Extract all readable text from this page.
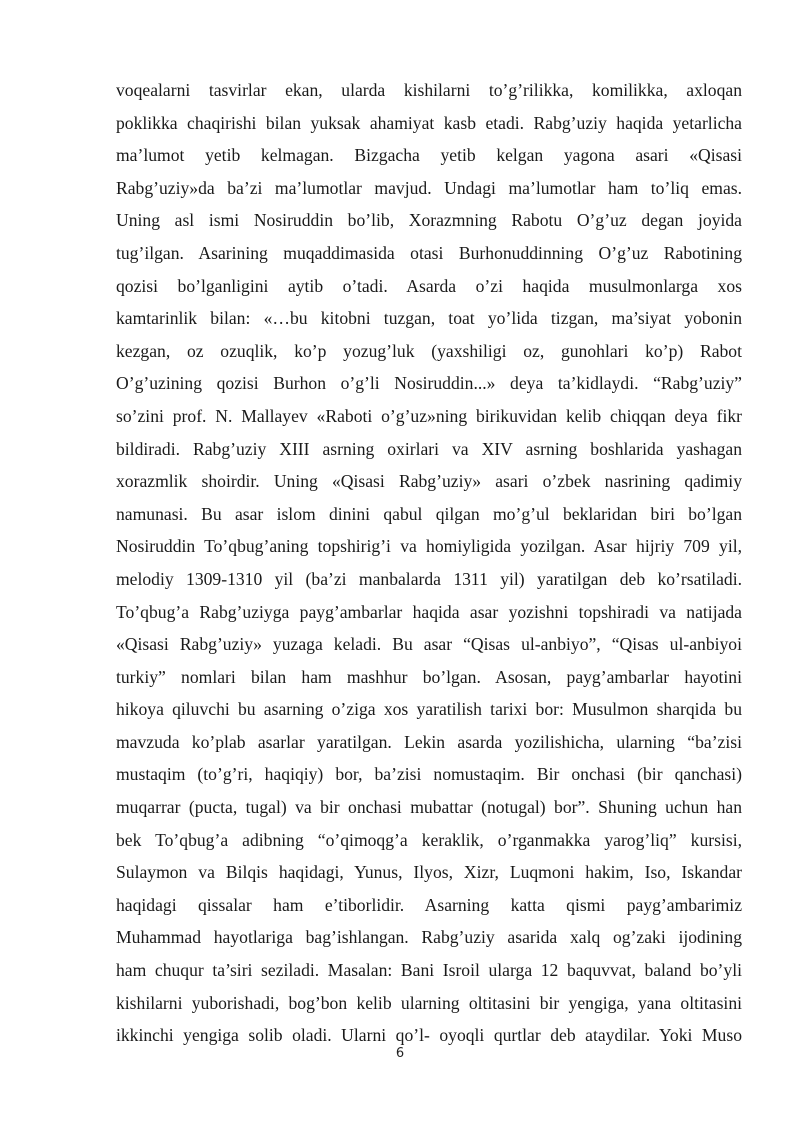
voqealarni tasvirlar ekan, ularda kishilarni to’g’rilikka, komilikka, axloqan
poklikka chaqirishi bilan yuksak ahamiyat kasb etadi. Rabg’uziy haqida yetarlicha
ma’lumot yetib kelmagan. Bizgacha yetib kelgan yagona asari «Qisasi
Rabg’uziy»da ba’zi ma’lumotlar mavjud. Undagi ma’lumotlar ham to’liq emas.
Uning asl ismi Nosiruddin bo’lib, Xorazmning Rabotu O’g’uz degan joyida
tug’ilgan. Asarining muqaddimasida otasi Burhonuddinning O’g’uz Rabotining
qozisi bo’lganligini aytib o’tadi. Asarda o’zi haqida musulmonlarga xos
kamtarinlik bilan: «…bu kitobni tuzgan, toat yo’lida tizgan, ma’siyat yobonin
kezgan, oz ozuqlik, ko’p yozug’luk (yaxshiligi oz, gunohlari ko’p) Rabot
O’g’uzining qozisi Burhon o’g’li Nosiruddin...» deya ta’kidlaydi. “Rabg’uziy”
so’zini prof. N. Mallayev «Raboti o’g’uz»ning birikuvidan kelib chiqqan deya fikr
bildiradi. Rabg’uziy XIII asrning oxirlari va XIV asrning boshlarida yashagan
xorazmlik shoirdir. Uning «Qisasi Rabg’uziy» asari o’zbek nasrining qadimiy
namunasi. Bu asar islom dinini qabul qilgan mo’g’ul beklaridan biri bo’lgan
Nosiruddin To’qbug’aning topshirig’i va homiyligida yozilgan. Asar hijriy 709 yil,
melodiy 1309-1310 yil (ba’zi manbalarda 1311 yil) yaratilgan deb ko’rsatiladi.
To’qbug’a Rabg’uziyga payg’ambarlar haqida asar yozishni topshiradi va natijada
«Qisasi Rabg’uziy» yuzaga keladi. Bu asar “Qisas ul-anbiyo”, “Qisas ul-anbiyoi
turkiy” nomlari bilan ham mashhur bo’lgan. Asosan, payg’ambarlar hayotini
hikoya qiluvchi bu asarning o’ziga xos yaratilish tarixi bor: Musulmon sharqida bu
mavzuda ko’plab asarlar yaratilgan. Lekin asarda yozilishicha, ularning “ba’zisi
mustaqim (to’g’ri, haqiqiy) bor, ba’zisi nomustaqim. Bir onchasi (bir qanchasi)
muqarrar (pucta, tugal) va bir onchasi mubattar (notugal) bor”. Shuning uchun han
bek To’qbug’a adibning “o’qimoqg’a keraklik, o’rganmakka yarog’liq” kursisi,
Sulaymon va Bilqis haqidagi, Yunus, Ilyos, Xizr, Luqmoni hakim, Iso, Iskandar
haqidagi qissalar ham e’tiborlidir. Asarning katta qismi payg’ambarimiz
Muhammad hayotlariga bag’ishlangan. Rabg’uziy asarida xalq og’zaki ijodining
ham chuqur ta’siri seziladi. Masalan: Bani Isroil ularga 12 baquvvat, baland bo’yli
kishilarni yuborishadi, bog’bon kelib ularning oltitasini bir yengiga, yana oltitasini
ikkinchi yengiga solib oladi. Ularni qo’l- oyoqli qurtlar deb ataydilar. Yoki Muso
6
